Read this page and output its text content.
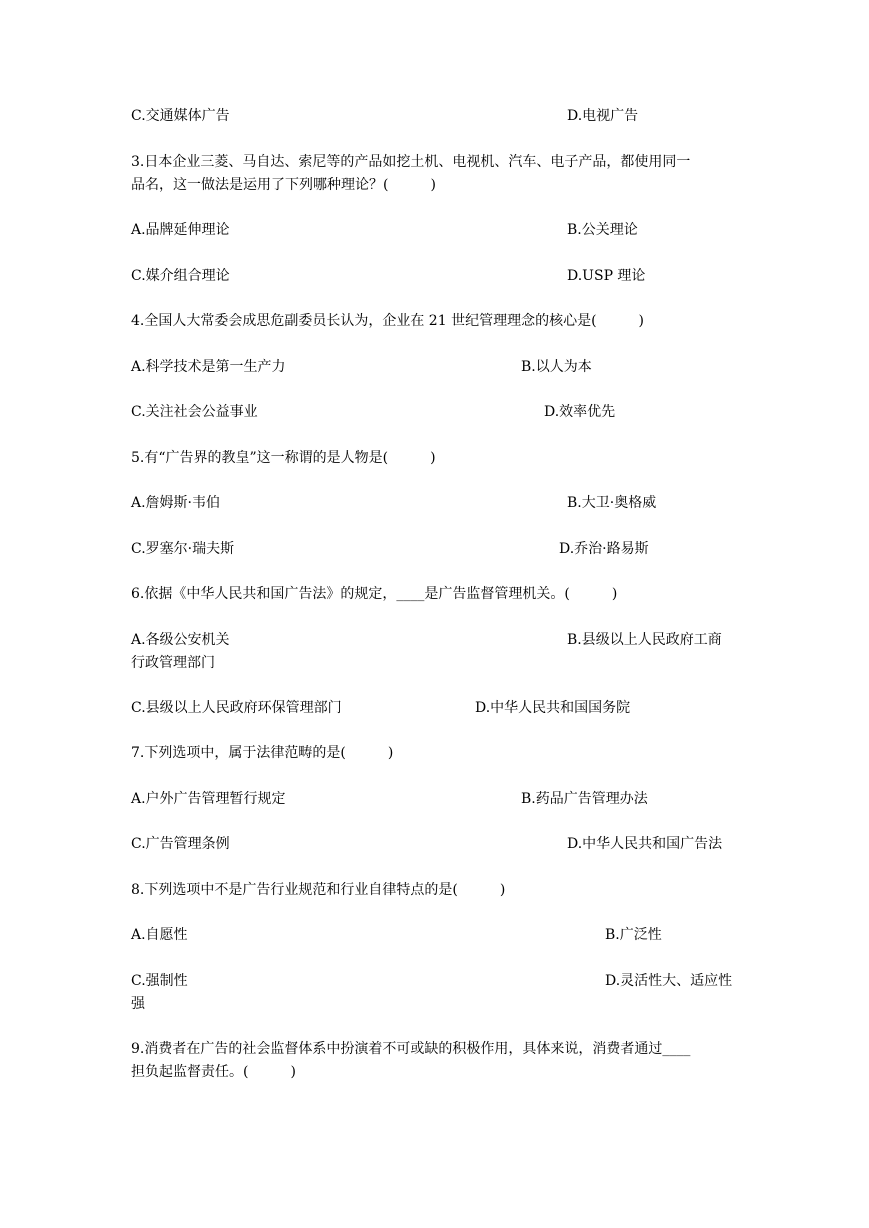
C.交通媒体广告	D.电视广告
3.日本企业三菱、马自达、索尼等的产品如挖土机、电视机、汽车、电子产品，都使用同一
品名，这一做法是运用了下列哪种理论？(　　　)
A.品牌延伸理论	B.公关理论
C.媒介组合理论	D.USP 理论
4.全国人大常委会成思危副委员长认为，企业在 21 世纪管理理念的核心是(　　　)
A.科学技术是第一生产力	B.以人为本
C.关注社会公益事业	D.效率优先
5.有“广告界的教皇”这一称谓的是人物是(　　　)
A.詹姆斯·韦伯	B.大卫·奥格威
C.罗塞尔·瑞夫斯	D.乔治·路易斯
6.依据《中华人民共和国广告法》的规定，____是广告监督管理机关。(　　　)
A.各级公安机关	B.县级以上人民政府工商
行政管理部门
C.县级以上人民政府环保管理部门	D.中华人民共和国国务院
7.下列选项中，属于法律范畴的是(　　　)
A.户外广告管理暂行规定	B.药品广告管理办法
C.广告管理条例	D.中华人民共和国广告法
8.下列选项中不是广告行业规范和行业自律特点的是(　　　)
A.自愿性	B.广泛性
C.强制性	D.灵活性大、适应性
强
9.消费者在广告的社会监督体系中扮演着不可或缺的积极作用，具体来说，消费者通过____
担负起监督责任。(　　　)
